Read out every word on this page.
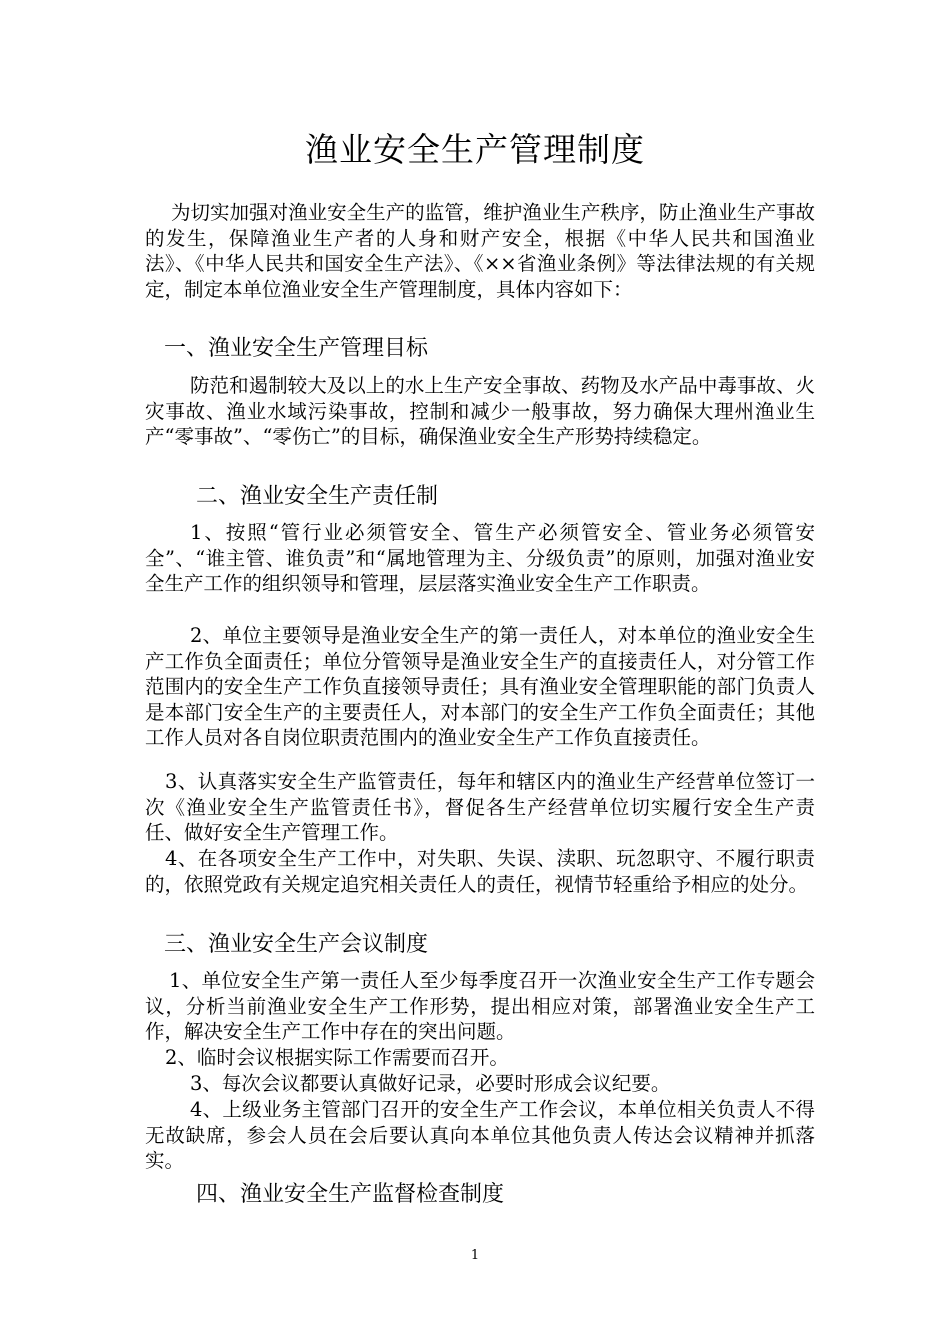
渔业安全生产管理制度

为切实加强对渔业安全生产的监管，维护渔业生产秩序，防止渔业生产事故的发生，保障渔业生产者的人身和财产安全，根据《中华人民共和国渔业法》、《中华人民共和国安全生产法》、《××省渔业条例》等法律法规的有关规定，制定本单位渔业安全生产管理制度，具体内容如下：

一、渔业安全生产管理目标

防范和遏制较大及以上的水上生产安全事故、药物及水产品中毒事故、火灾事故、渔业水域污染事故，控制和减少一般事故，努力确保大理州渔业生产“零事故”、“零伤亡”的目标，确保渔业安全生产形势持续稳定。

二、渔业安全生产责任制

1、按照“管行业必须管安全、管生产必须管安全、管业务必须管安全”、“谁主管、谁负责”和“属地管理为主、分级负责”的原则，加强对渔业安全生产工作的组织领导和管理，层层落实渔业安全生产工作职责。

2、单位主要领导是渔业安全生产的第一责任人，对本单位的渔业安全生产工作负全面责任；单位分管领导是渔业安全生产的直接责任人，对分管工作范围内的安全生产工作负直接领导责任；具有渔业安全管理职能的部门负责人是本部门安全生产的主要责任人，对本部门的安全生产工作负全面责任；其他工作人员对各自岗位职责范围内的渔业安全生产工作负直接责任。

3、认真落实安全生产监管责任，每年和辖区内的渔业生产经营单位签订一次《渔业安全生产监管责任书》，督促各生产经营单位切实履行安全生产责任、做好安全生产管理工作。

4、在各项安全生产工作中，对失职、失误、渎职、玩忽职守、不履行职责的，依照党政有关规定追究相关责任人的责任，视情节轻重给予相应的处分。

三、渔业安全生产会议制度

1、单位安全生产第一责任人至少每季度召开一次渔业安全生产工作专题会议，分析当前渔业安全生产工作形势，提出相应对策，部署渔业安全生产工作，解决安全生产工作中存在的突出问题。

2、临时会议根据实际工作需要而召开。

3、每次会议都要认真做好记录，必要时形成会议纪要。

4、上级业务主管部门召开的安全生产工作会议，本单位相关负责人不得无故缺席，参会人员在会后要认真向本单位其他负责人传达会议精神并抓落实。

四、渔业安全生产监督检查制度
1
